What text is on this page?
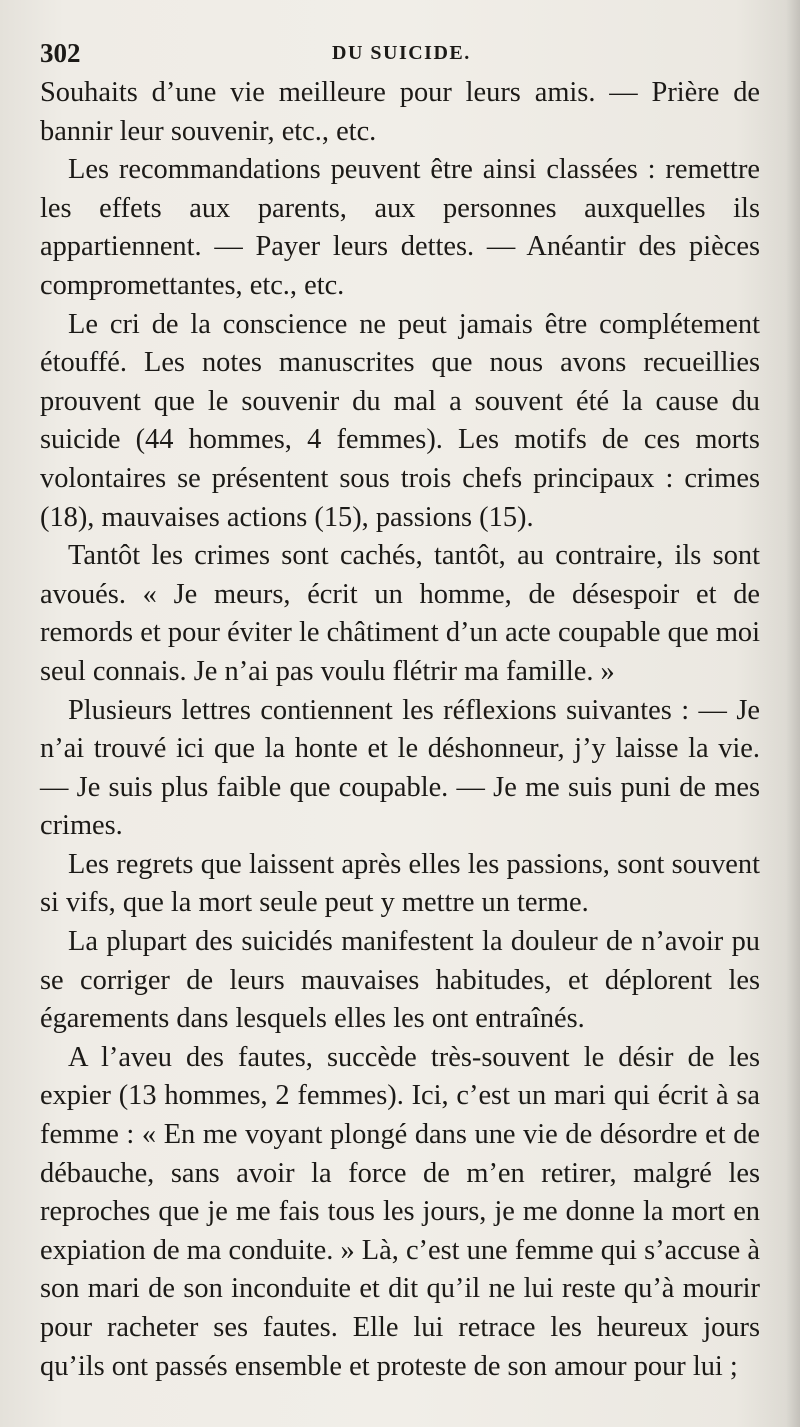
302	DU SUICIDE.

Souhaits d’une vie meilleure pour leurs amis. — Prière de bannir leur souvenir, etc., etc.

Les recommandations peuvent être ainsi classées : remettre les effets aux parents, aux personnes auxquelles ils appartiennent. — Payer leurs dettes. — Anéantir des pièces compromettantes, etc., etc.

Le cri de la conscience ne peut jamais être complétement étouffé. Les notes manuscrites que nous avons recueillies prouvent que le souvenir du mal a souvent été la cause du suicide (44 hommes, 4 femmes). Les motifs de ces morts volontaires se présentent sous trois chefs principaux : crimes (18), mauvaises actions (15), passions (15).

Tantôt les crimes sont cachés, tantôt, au contraire, ils sont avoués. « Je meurs, écrit un homme, de désespoir et de remords et pour éviter le châtiment d’un acte coupable que moi seul connais. Je n’ai pas voulu flétrir ma famille. »

Plusieurs lettres contiennent les réflexions suivantes : — Je n’ai trouvé ici que la honte et le déshonneur, j’y laisse la vie. — Je suis plus faible que coupable. — Je me suis puni de mes crimes.

Les regrets que laissent après elles les passions, sont souvent si vifs, que la mort seule peut y mettre un terme.

La plupart des suicidés manifestent la douleur de n’avoir pu se corriger de leurs mauvaises habitudes, et déplorent les égarements dans lesquels elles les ont entraînés.

A l’aveu des fautes, succède très-souvent le désir de les expier (13 hommes, 2 femmes). Ici, c’est un mari qui écrit à sa femme : « En me voyant plongé dans une vie de désordre et de débauche, sans avoir la force de m’en retirer, malgré les reproches que je me fais tous les jours, je me donne la mort en expiation de ma conduite. » Là, c’est une femme qui s’accuse à son mari de son inconduite et dit qu’il ne lui reste qu’à mourir pour racheter ses fautes. Elle lui retrace les heureux jours qu’ils ont passés ensemble et proteste de son amour pour lui ;
